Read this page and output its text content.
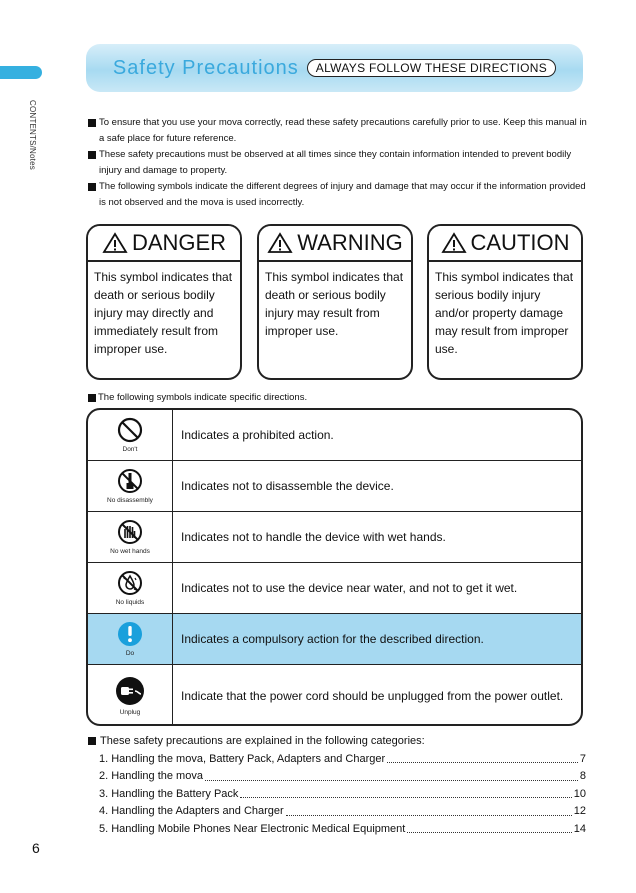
CONTENTS/Notes
Safety Precautions	ALWAYS FOLLOW THESE DIRECTIONS

To ensure that you use your mova correctly, read these safety precautions carefully prior to use. Keep this manual in a safe place for future reference.

These safety precautions must be observed at all times since they contain information intended to prevent bodily injury and damage to property.

The following symbols indicate the different degrees of injury and damage that may occur if the information provided is not observed and the mova is used incorrectly.

DANGER
This symbol indicates that death or serious bodily injury may directly and immediately result from improper use.
WARNING
This symbol indicates that death or serious bodily injury may result from improper use.
CAUTION
This symbol indicates that serious bodily injury and/or property damage may result from improper use.
The following symbols indicate specific directions.
Don't
Indicates a prohibited action.
No disassembly
Indicates not to disassemble the device.
No wet hands
Indicates not to handle the device with wet hands.
No liquids
Indicates not to use the device near water, and not to get it wet.
Do
Indicates a compulsory action for the described direction.
Unplug
Indicate that the power cord should be unplugged from the power outlet.
These safety precautions are explained in the following categories:
1. Handling the mova, Battery Pack, Adapters and Charger	7
2. Handling the mova	8
3. Handling the Battery Pack	10
4. Handling the Adapters and Charger	12
5. Handling Mobile Phones Near Electronic Medical Equipment	14
6
